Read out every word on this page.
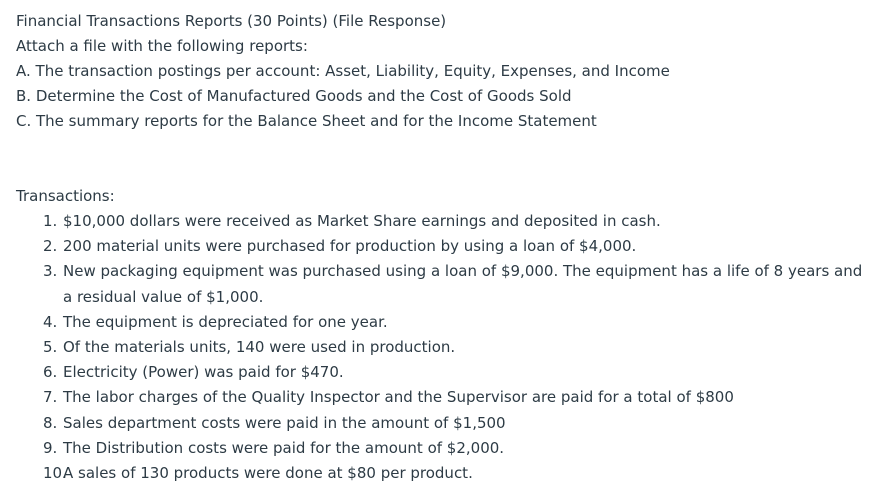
Financial Transactions Reports (30 Points) (File Response)
Attach a file with the following reports:
A. The transaction postings per account: Asset, Liability, Equity, Expenses, and Income
B. Determine the Cost of Manufactured Goods and the Cost of Goods Sold
C. The summary reports for the Balance Sheet and for the Income Statement
Transactions:
1. $10,000 dollars were received as Market Share earnings and deposited in cash.
2. 200 material units were purchased for production by using a loan of $4,000.
3. New packaging equipment was purchased using a loan of $9,000. The equipment has a life of 8 years and a residual value of $1,000.
4. The equipment is depreciated for one year.
5. Of the materials units, 140 were used in production.
6. Electricity (Power) was paid for $470.
7. The labor charges of the Quality Inspector and the Supervisor are paid for a total of $800
8. Sales department costs were paid in the amount of $1,500
9. The Distribution costs were paid for the amount of $2,000.
10.
A sales of 130 products were done at $80 per product.
